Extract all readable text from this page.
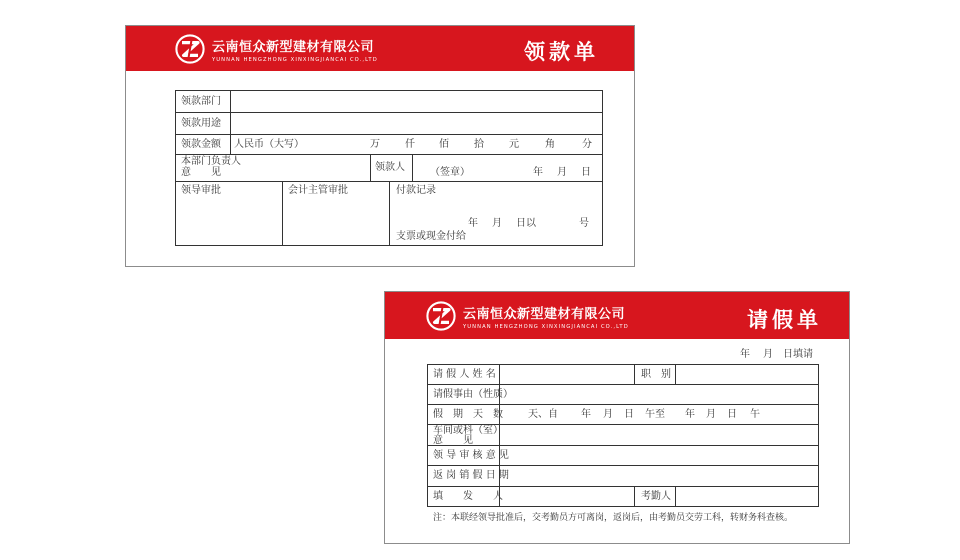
云南恒众新型建材有限公司
YUNNAN HENGZHONG XINXINGJIANCAI CO.,LTD	领款单
领款部门
领款用途
领款金额 人民币（大写）	万	仟 佰	拾	元	角	分
本部门负责人
意　　见	领款人	（签章）	年 月 日
领导审批	会计主管审批	付款记录
年 月 日以	号
支票或现金付给
云南恒众新型建材有限公司
YUNNAN HENGZHONG XINXINGJIANCAI CO.,LTD	请假单
年 月 日填请
请 假 人 姓 名	职　别
请假事由（性质）
假　期　天　数	天、自 年 月 日 午至 年 月 日 午
车间或科（室）
意　　见
领 导 审 核 意 见
返 岗 销 假 日 期
填　　发　　人	考勤人
注：本联经领导批准后，交考勤员方可离岗，返岗后，由考勤员交劳工科，转财务科查核。
